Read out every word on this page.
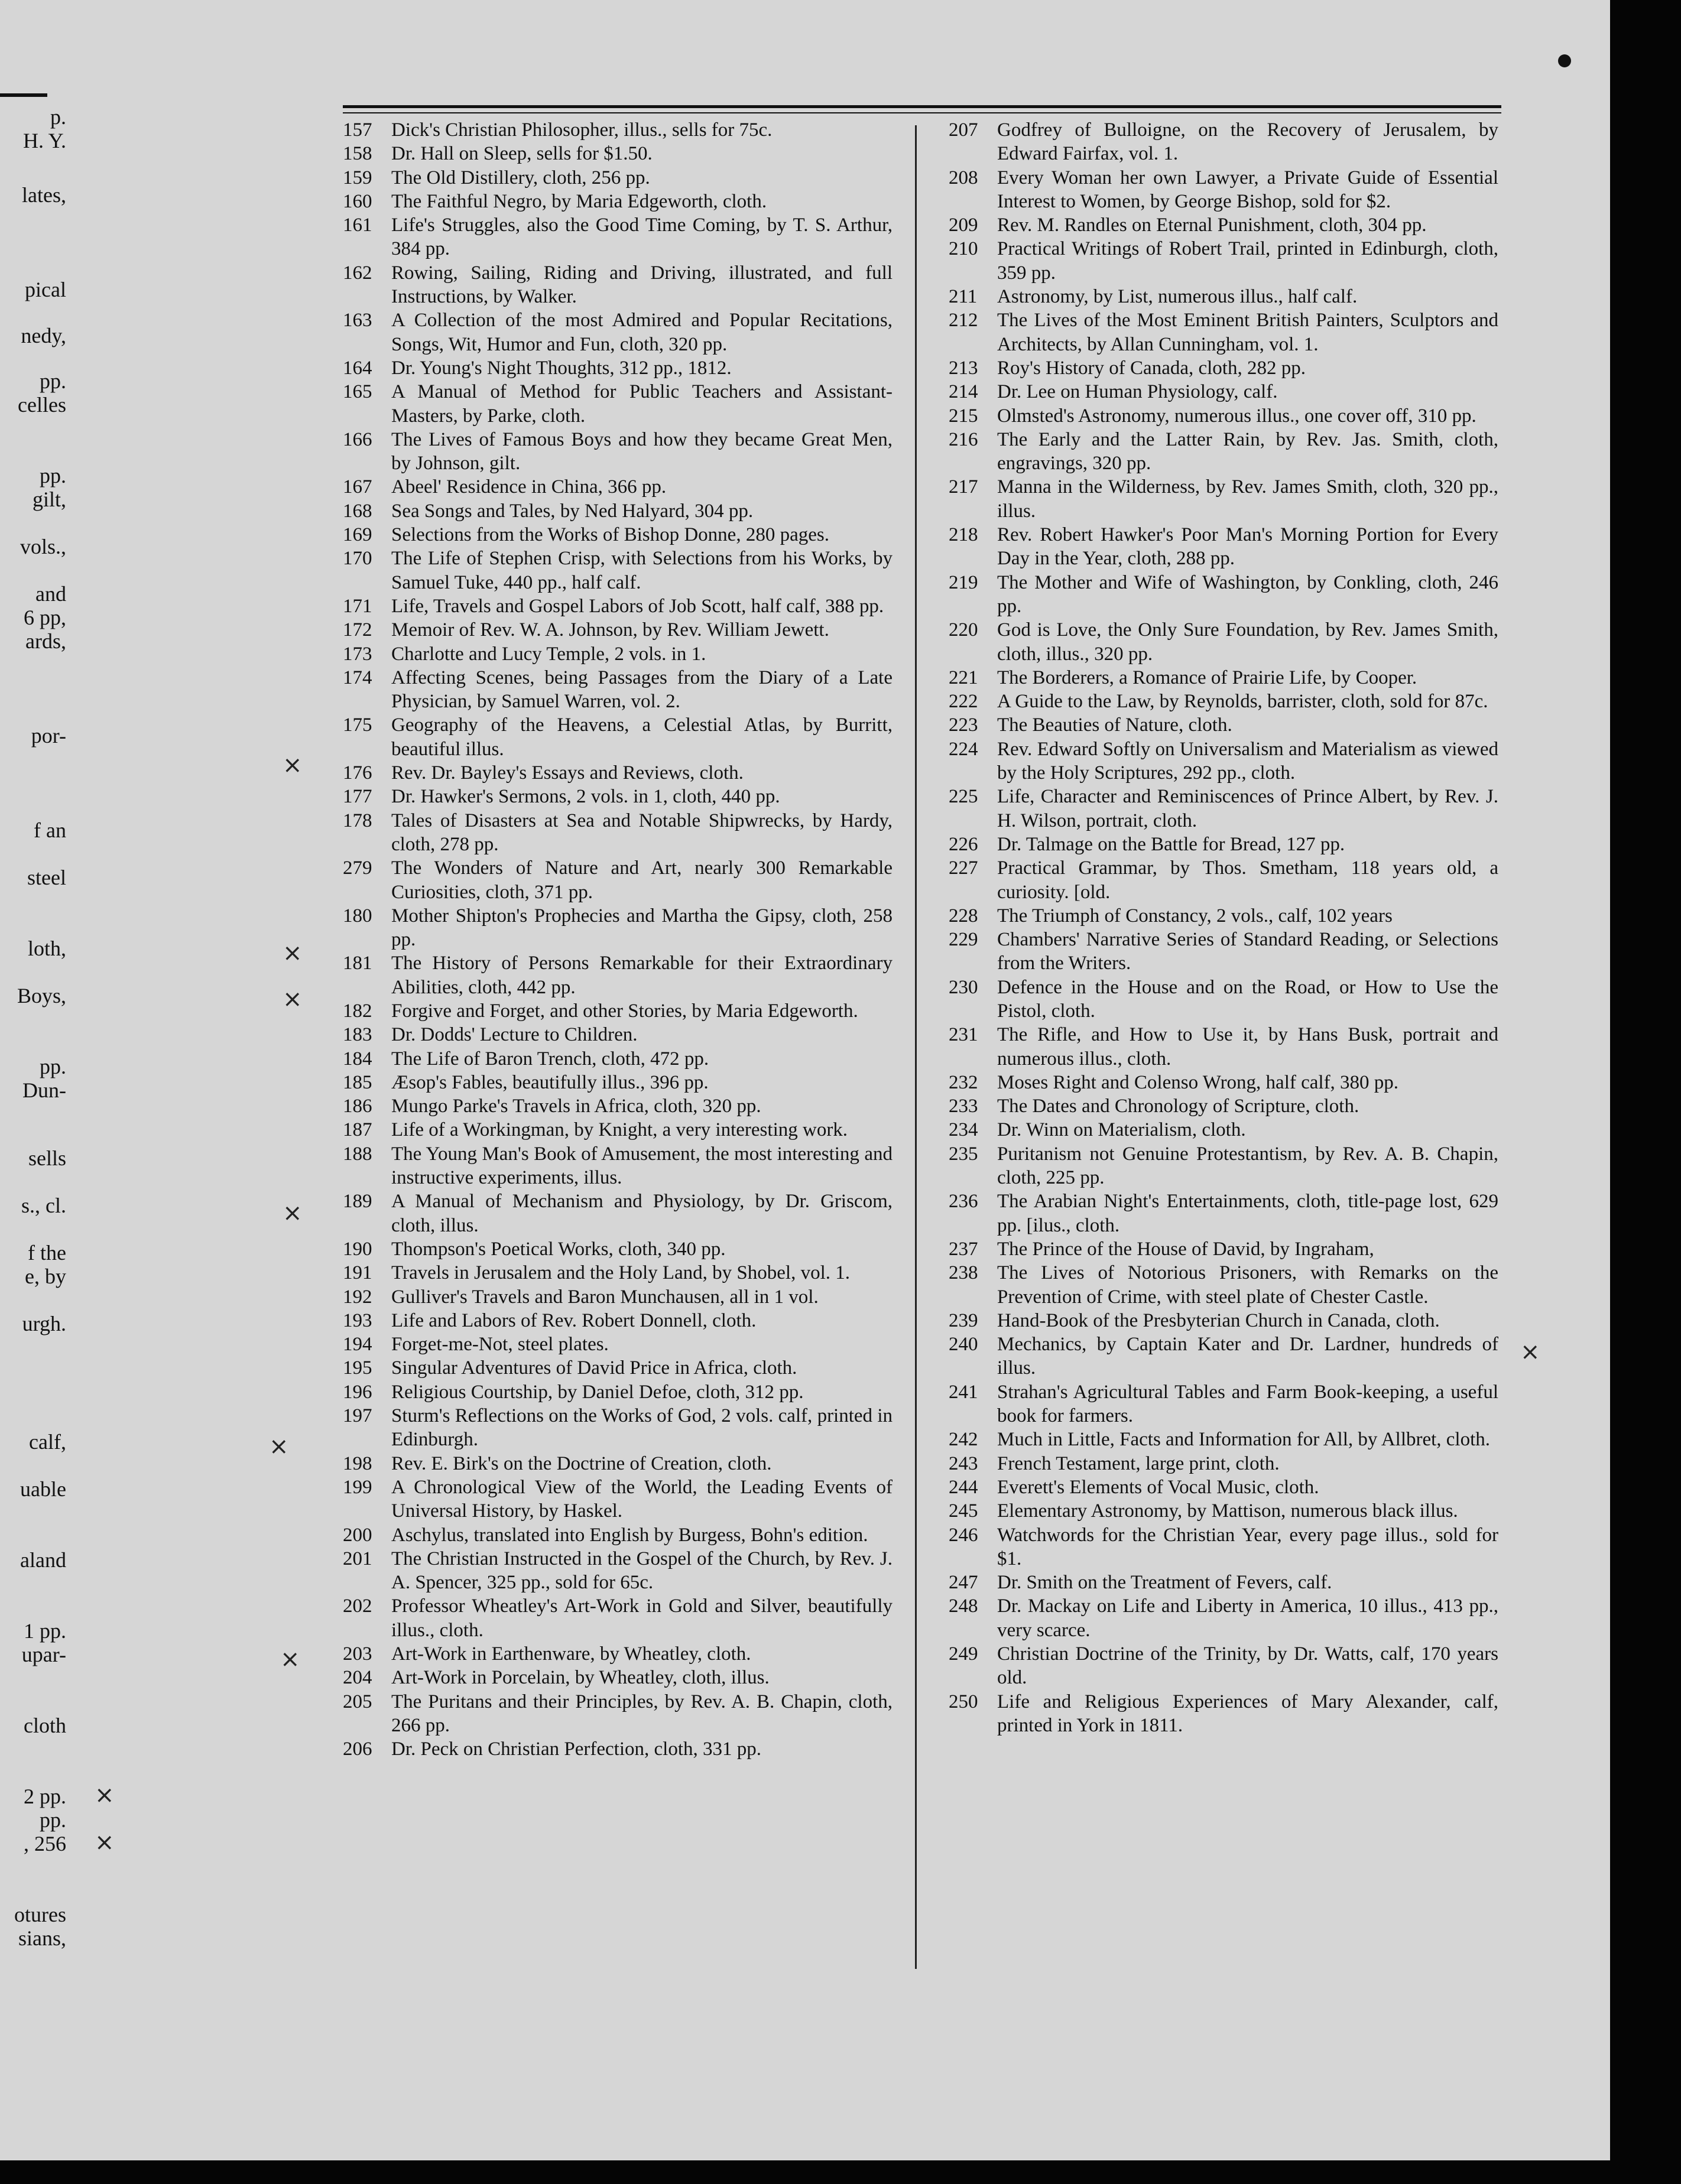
p.
H. Y.
lates,
pical
nedy,
pp.
celles
pp.
gilt,
vols.,
and
6 pp,
ards,
por-
f an
steel
loth,
Boys,
pp.
Dun-
sells
s., cl.
f the
e, by
urgh.
calf,
uable
aland
1 pp.
upar-
cloth
2 pp.
pp.
, 256
otures
sians,
157 Dick's Christian Philosopher, illus., sells for 75c.
158 Dr. Hall on Sleep, sells for $1.50.
159 The Old Distillery, cloth, 256 pp.
160 The Faithful Negro, by Maria Edgeworth, cloth.
161 Life's Struggles, also the Good Time Coming, by T. S. Arthur, 384 pp.
162 Rowing, Sailing, Riding and Driving, illustrated, and full Instructions, by Walker.
163 A Collection of the most Admired and Popular Recitations, Songs, Wit, Humor and Fun, cloth, 320 pp.
164 Dr. Young's Night Thoughts, 312 pp., 1812.
165 A Manual of Method for Public Teachers and Assistant-Masters, by Parke, cloth.
166 The Lives of Famous Boys and how they became Great Men, by Johnson, gilt.
167 Abeel' Residence in China, 366 pp.
168 Sea Songs and Tales, by Ned Halyard, 304 pp.
169 Selections from the Works of Bishop Donne, 280 pages.
170 The Life of Stephen Crisp, with Selections from his Works, by Samuel Tuke, 440 pp., half calf.
171 Life, Travels and Gospel Labors of Job Scott, half calf, 388 pp.
172 Memoir of Rev. W. A. Johnson, by Rev. William Jewett.
173 Charlotte and Lucy Temple, 2 vols. in 1.
174 Affecting Scenes, being Passages from the Diary of a Late Physician, by Samuel Warren, vol. 2.
175 Geography of the Heavens, a Celestial Atlas, by Burritt, beautiful illus.
176 Rev. Dr. Bayley's Essays and Reviews, cloth.
177 Dr. Hawker's Sermons, 2 vols. in 1, cloth, 440 pp.
178 Tales of Disasters at Sea and Notable Shipwrecks, by Hardy, cloth, 278 pp.
279 The Wonders of Nature and Art, nearly 300 Remarkable Curiosities, cloth, 371 pp.
180 Mother Shipton's Prophecies and Martha the Gipsy, cloth, 258 pp.
181 The History of Persons Remarkable for their Extraordinary Abilities, cloth, 442 pp.
182 Forgive and Forget, and other Stories, by Maria Edgeworth.
183 Dr. Dodds' Lecture to Children.
184 The Life of Baron Trench, cloth, 472 pp.
185 Æsop's Fables, beautifully illus., 396 pp.
186 Mungo Parke's Travels in Africa, cloth, 320 pp.
187 Life of a Workingman, by Knight, a very interesting work.
188 The Young Man's Book of Amusement, the most interesting and instructive experiments, illus.
189 A Manual of Mechanism and Physiology, by Dr. Griscom, cloth, illus.
190 Thompson's Poetical Works, cloth, 340 pp.
191 Travels in Jerusalem and the Holy Land, by Shobel, vol. 1.
192 Gulliver's Travels and Baron Munchausen, all in 1 vol.
193 Life and Labors of Rev. Robert Donnell, cloth.
194 Forget-me-Not, steel plates.
195 Singular Adventures of David Price in Africa, cloth.
196 Religious Courtship, by Daniel Defoe, cloth, 312 pp.
197 Sturm's Reflections on the Works of God, 2 vols. calf, printed in Edinburgh.
198 Rev. E. Birk's on the Doctrine of Creation, cloth.
199 A Chronological View of the World, the Leading Events of Universal History, by Haskel.
200 Aschylus, translated into English by Burgess, Bohn's edition.
201 The Christian Instructed in the Gospel of the Church, by Rev. J. A. Spencer, 325 pp., sold for 65c.
202 Professor Wheatley's Art-Work in Gold and Silver, beautifully illus., cloth.
203 Art-Work in Earthenware, by Wheatley, cloth.
204 Art-Work in Porcelain, by Wheatley, cloth, illus.
205 The Puritans and their Principles, by Rev. A. B. Chapin, cloth, 266 pp.
206 Dr. Peck on Christian Perfection, cloth, 331 pp.
207 Godfrey of Bulloigne, on the Recovery of Jerusalem, by Edward Fairfax, vol. 1.
208 Every Woman her own Lawyer, a Private Guide of Essential Interest to Women, by George Bishop, sold for $2.
209 Rev. M. Randles on Eternal Punishment, cloth, 304 pp.
210 Practical Writings of Robert Trail, printed in Edinburgh, cloth, 359 pp.
211	Astronomy, by List, numerous illus., half calf.
212 The Lives of the Most Eminent British Painters, Sculptors and Architects, by Allan Cunningham, vol. 1.
213 Roy's History of Canada, cloth, 282 pp.
214 Dr. Lee on Human Physiology, calf.
215 Olmsted's Astronomy, numerous illus., one cover off, 310 pp.
216 The Early and the Latter Rain, by Rev. Jas. Smith, cloth, engravings, 320 pp.
217 Manna in the Wilderness, by Rev. James Smith, cloth, 320 pp., illus.
218 Rev. Robert Hawker's Poor Man's Morning Portion for Every Day in the Year, cloth, 288 pp.
219 The Mother and Wife of Washington, by Conkling, cloth, 246 pp.
220 God is Love, the Only Sure Foundation, by Rev. James Smith, cloth, illus., 320 pp.
221 The Borderers, a Romance of Prairie Life, by Cooper.
222 A Guide to the Law, by Reynolds, barrister, cloth, sold for 87c.
223 The Beauties of Nature, cloth.
224 Rev. Edward Softly on Universalism and Materialism as viewed by the Holy Scriptures, 292 pp., cloth.
225 Life, Character and Reminiscences of Prince Albert, by Rev. J. H. Wilson, portrait, cloth.
226 Dr. Talmage on the Battle for Bread, 127 pp.
227 Practical Grammar, by Thos. Smetham, 118 years old, a curiosity. [old.
228 The Triumph of Constancy, 2 vols., calf, 102 years
229 Chambers' Narrative Series of Standard Reading, or Selections from the Writers.
230 Defence in the House and on the Road, or How to Use the Pistol, cloth.
231 The Rifle, and How to Use it, by Hans Busk, portrait and numerous illus., cloth.
232 Moses Right and Colenso Wrong, half calf, 380 pp.
233 The Dates and Chronology of Scripture, cloth.
234 Dr. Winn on Materialism, cloth.
235 Puritanism not Genuine Protestantism, by Rev. A. B. Chapin, cloth, 225 pp.
236 The Arabian Night's Entertainments, cloth, title-page lost, 629 pp. [ilus., cloth.
237 The Prince of the House of David, by Ingraham,
238 The Lives of Notorious Prisoners, with Remarks on the Prevention of Crime, with steel plate of Chester Castle.
239 Hand-Book of the Presbyterian Church in Canada, cloth.
240 Mechanics, by Captain Kater and Dr. Lardner, hundreds of illus.
241 Strahan's Agricultural Tables and Farm Book-keeping, a useful book for farmers.
242 Much in Little, Facts and Information for All, by Allbret, cloth.
243 French Testament, large print, cloth.
244 Everett's Elements of Vocal Music, cloth.
245 Elementary Astronomy, by Mattison, numerous black illus.
246 Watchwords for the Christian Year, every page illus., sold for $1.
247 Dr. Smith on the Treatment of Fevers, calf.
248 Dr. Mackay on Life and Liberty in America, 10 illus., 413 pp., very scarce.
249 Christian Doctrine of the Trinity, by Dr. Watts, calf, 170 years old.
250 Life and Religious Experiences of Mary Alexander, calf, printed in York in 1811.
×
×
×
×
×
×
×
×
×
